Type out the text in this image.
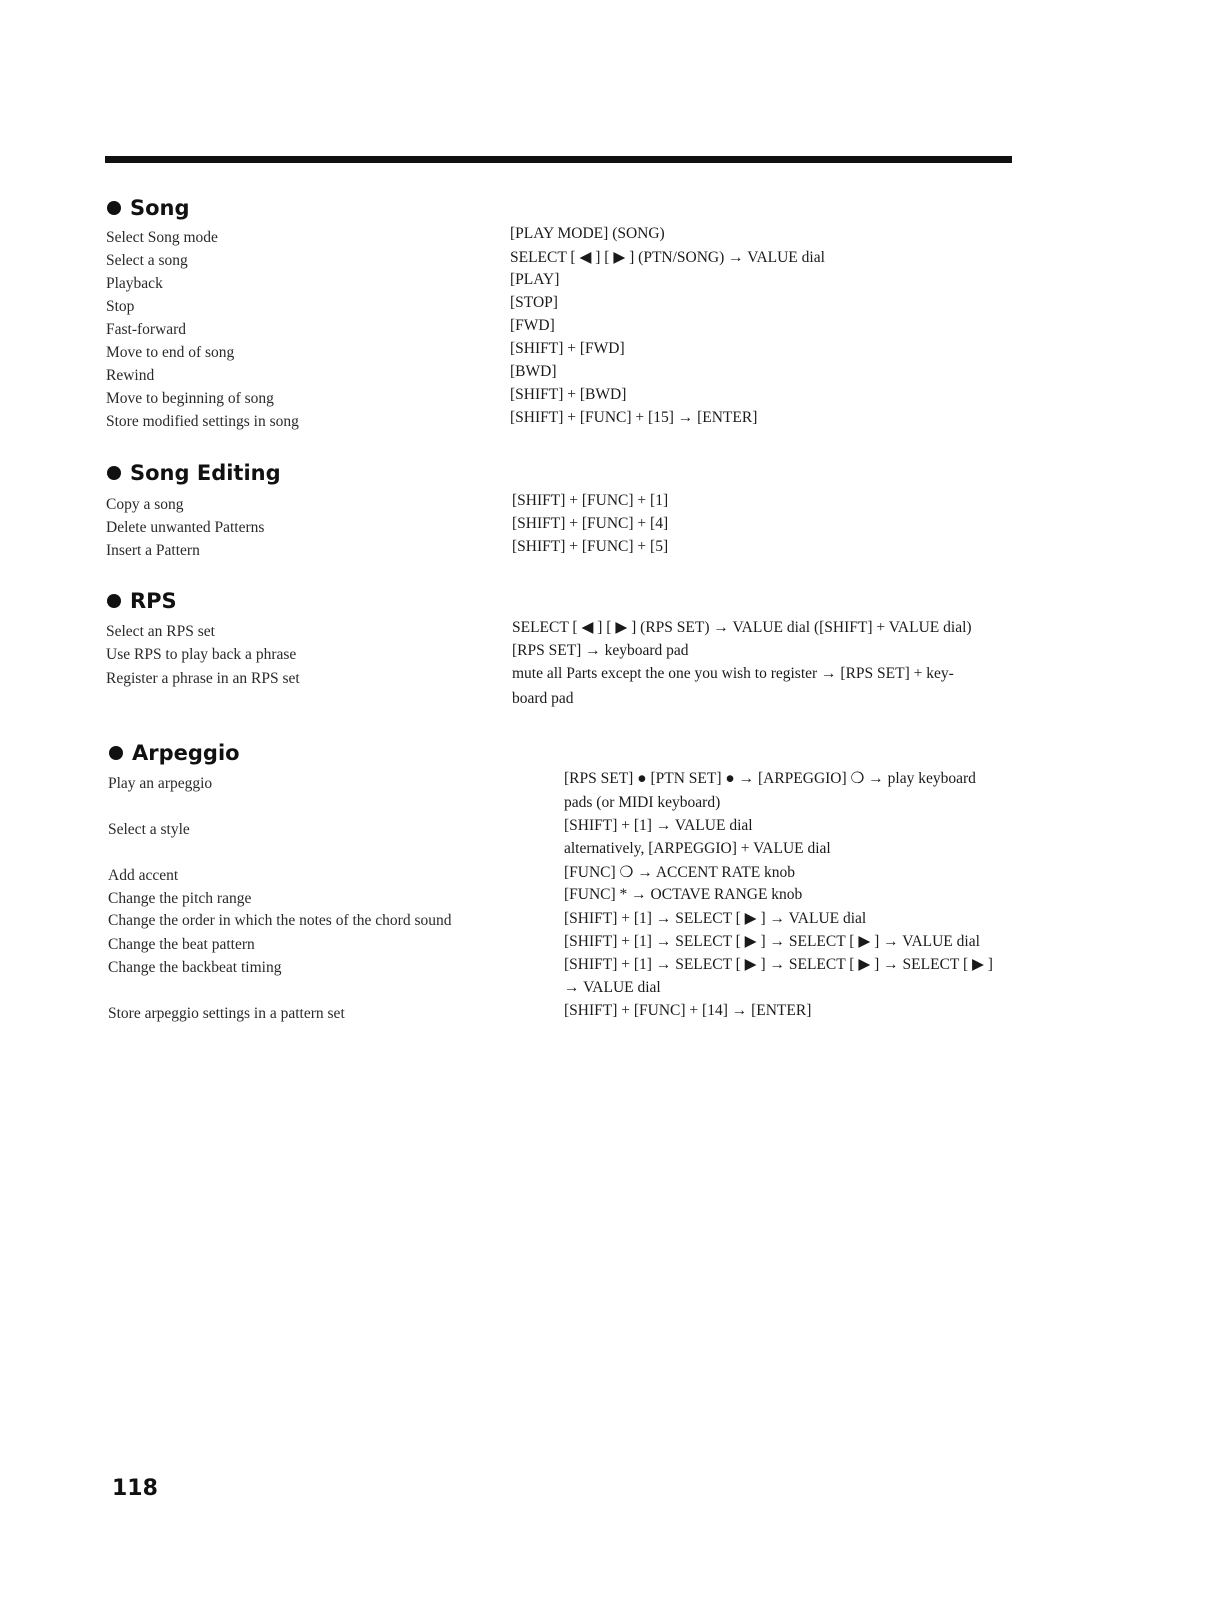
Song
Select Song mode
Select a song
Playback
Stop
Fast-forward
Move to end of song
Rewind
Move to beginning of song
Store modified settings in song
[PLAY MODE] (SONG)
SELECT [ ◀ ] [ ▶ ] (PTN/SONG) → VALUE dial
[PLAY]
[STOP]
[FWD]
[SHIFT] + [FWD]
[BWD]
[SHIFT] + [BWD]
[SHIFT] + [FUNC] + [15] → [ENTER]
Song Editing
Copy a song
Delete unwanted Patterns
Insert a Pattern
[SHIFT] + [FUNC] + [1]
[SHIFT] + [FUNC] + [4]
[SHIFT] + [FUNC] + [5]
RPS
Select an RPS set
Use RPS to play back a phrase
Register a phrase in an RPS set
SELECT [ ◀ ] [ ▶ ] (RPS SET) → VALUE dial ([SHIFT] + VALUE dial)
[RPS SET] → keyboard pad
mute all Parts except the one you wish to register → [RPS SET] + key-
board pad
Arpeggio
Play an arpeggio
Select a style
Add accent
Change the pitch range
Change the order in which the notes of the chord sound
Change the beat pattern
Change the backbeat timing
Store arpeggio settings in a pattern set
[RPS SET] ● [PTN SET] ● → [ARPEGGIO] ❍ → play keyboard
pads (or MIDI keyboard)
[SHIFT] + [1] → VALUE dial
alternatively, [ARPEGGIO] + VALUE dial
[FUNC] ❍ → ACCENT RATE knob
[FUNC] * → OCTAVE RANGE knob
[SHIFT] + [1] → SELECT [ ▶ ] → VALUE dial
[SHIFT] + [1] → SELECT [ ▶ ] → SELECT [ ▶ ] → VALUE dial
[SHIFT] + [1] → SELECT [ ▶ ] → SELECT [ ▶ ] → SELECT [ ▶ ]
→ VALUE dial
[SHIFT] + [FUNC] + [14] → [ENTER]
118
